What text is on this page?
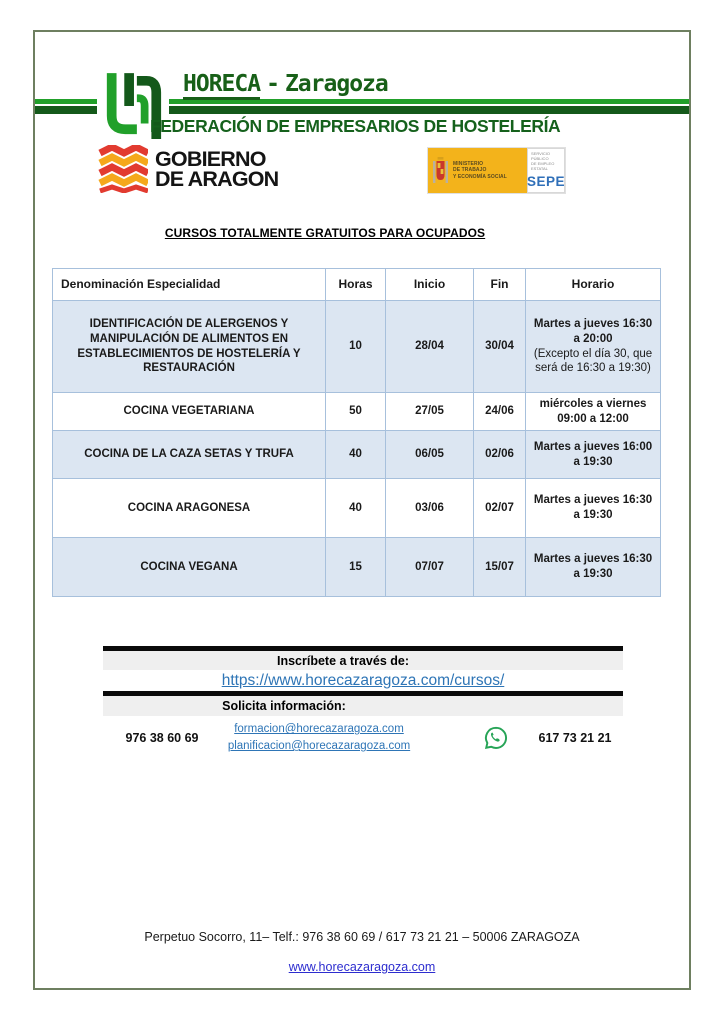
HORECA - Zaragoza
FEDERACIÓN DE EMPRESARIOS DE HOSTELERÍA
GOBIERNO
DE ARAGON
MINISTERIO
DE TRABAJO
Y ECONOMÍA SOCIAL
SERVICIO PÚBLICO
DE EMPLEO ESTATAL
SEPE
CURSOS TOTALMENTE GRATUITOS PARA OCUPADOS
Denominación Especialidad	Horas	Inicio	Fin	Horario
IDENTIFICACIÓN DE ALERGENOS Y MANIPULACIÓN DE ALIMENTOS EN ESTABLECIMIENTOS DE HOSTELERÍA Y RESTAURACIÓN	10	28/04	30/04	Martes a jueves 16:30 a 20:00
(Excepto el día 30, que será de 16:30 a 19:30)

COCINA VEGETARIANA	50	27/05	24/06	miércoles a viernes 09:00 a 12:00
COCINA DE LA CAZA SETAS Y TRUFA	40	06/05	02/06	Martes a jueves 16:00 a 19:30
COCINA ARAGONESA	40	03/06	02/07	Martes a jueves 16:30 a 19:30
COCINA VEGANA	15	07/07	15/07	Martes a jueves 16:30 a 19:30
Inscríbete a través de:
https://www.horecazaragoza.com/cursos/
Solicita información:
976 38 60 69
formacion@horecazaragoza.com
planificacion@horecazaragoza.com
617 73 21 21
Perpetuo Socorro, 11– Telf.: 976 38 60 69 / 617 73 21 21 – 50006 ZARAGOZA
www.horecazaragoza.com
